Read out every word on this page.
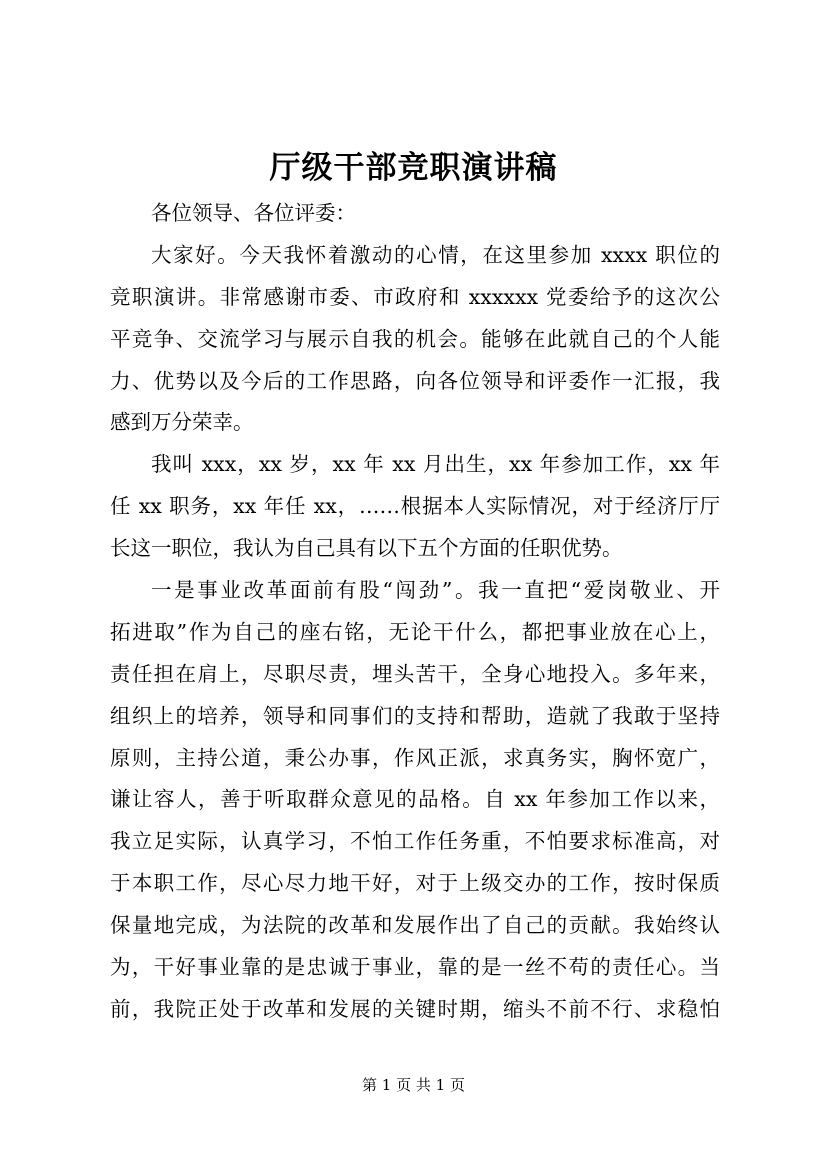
厅级干部竞职演讲稿
各位领导、各位评委：
大家好。今天我怀着激动的心情，在这里参加 xxxx 职位的
竞职演讲。非常感谢市委、市政府和 xxxxxx 党委给予的这次公
平竞争、交流学习与展示自我的机会。能够在此就自己的个人能
力、优势以及今后的工作思路，向各位领导和评委作一汇报，我
感到万分荣幸。
我叫 xxx，xx 岁，xx 年 xx 月出生，xx 年参加工作，xx 年
任 xx 职务，xx 年任 xx，……根据本人实际情况，对于经济厅厅
长这一职位，我认为自己具有以下五个方面的任职优势。
一是事业改革面前有股“闯劲”。我一直把“爱岗敬业、开
拓进取”作为自己的座右铭，无论干什么，都把事业放在心上，
责任担在肩上，尽职尽责，埋头苦干，全身心地投入。多年来，
组织上的培养，领导和同事们的支持和帮助，造就了我敢于坚持
原则，主持公道，秉公办事，作风正派，求真务实，胸怀宽广，
谦让容人，善于听取群众意见的品格。自 xx 年参加工作以来，
我立足实际，认真学习，不怕工作任务重，不怕要求标准高，对
于本职工作，尽心尽力地干好，对于上级交办的工作，按时保质
保量地完成，为法院的改革和发展作出了自己的贡献。我始终认
为，干好事业靠的是忠诚于事业，靠的是一丝不苟的责任心。当
前，我院正处于改革和发展的关键时期，缩头不前不行、求稳怕
第 1 页 共 1 页
